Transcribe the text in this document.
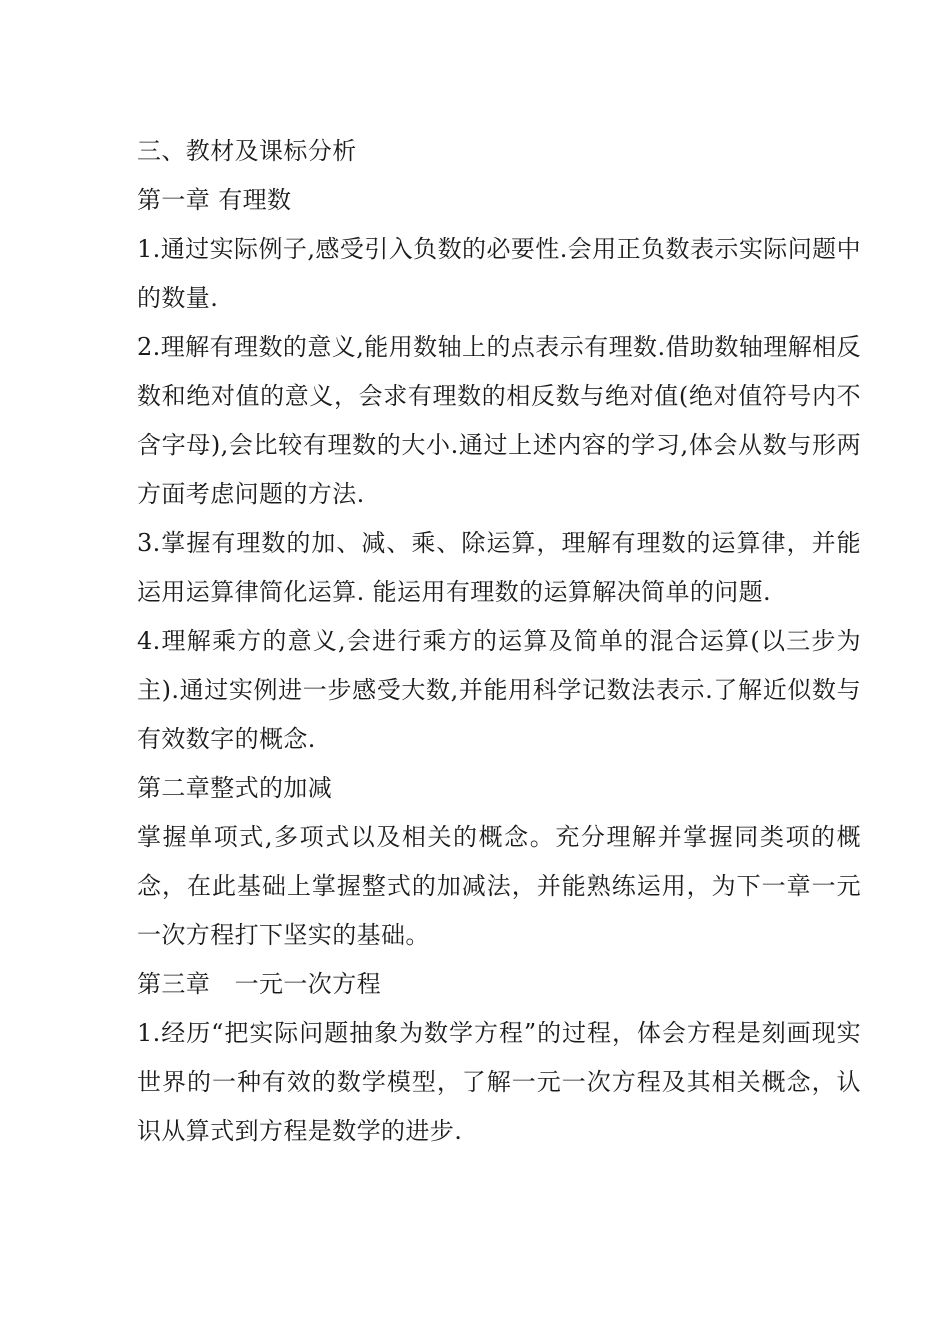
三、教材及课标分析

第一章 有理数

1.通过实际例子,感受引入负数的必要性.会用正负数表示实际问题中的数量.

2.理解有理数的意义,能用数轴上的点表示有理数.借助数轴理解相反数和绝对值的意义，会求有理数的相反数与绝对值(绝对值符号内不含字母),会比较有理数的大小.通过上述内容的学习,体会从数与形两方面考虑问题的方法.

3.掌握有理数的加、减、乘、除运算，理解有理数的运算律，并能运用运算律简化运算. 能运用有理数的运算解决简单的问题.

4.理解乘方的意义,会进行乘方的运算及简单的混合运算(以三步为主).通过实例进一步感受大数,并能用科学记数法表示.了解近似数与有效数字的概念.

第二章整式的加减

掌握单项式,多项式以及相关的概念。充分理解并掌握同类项的概念，在此基础上掌握整式的加减法，并能熟练运用，为下一章一元一次方程打下坚实的基础。

第三章　一元一次方程

1.经历“把实际问题抽象为数学方程”的过程，体会方程是刻画现实世界的一种有效的数学模型，了解一元一次方程及其相关概念，认识从算式到方程是数学的进步.
